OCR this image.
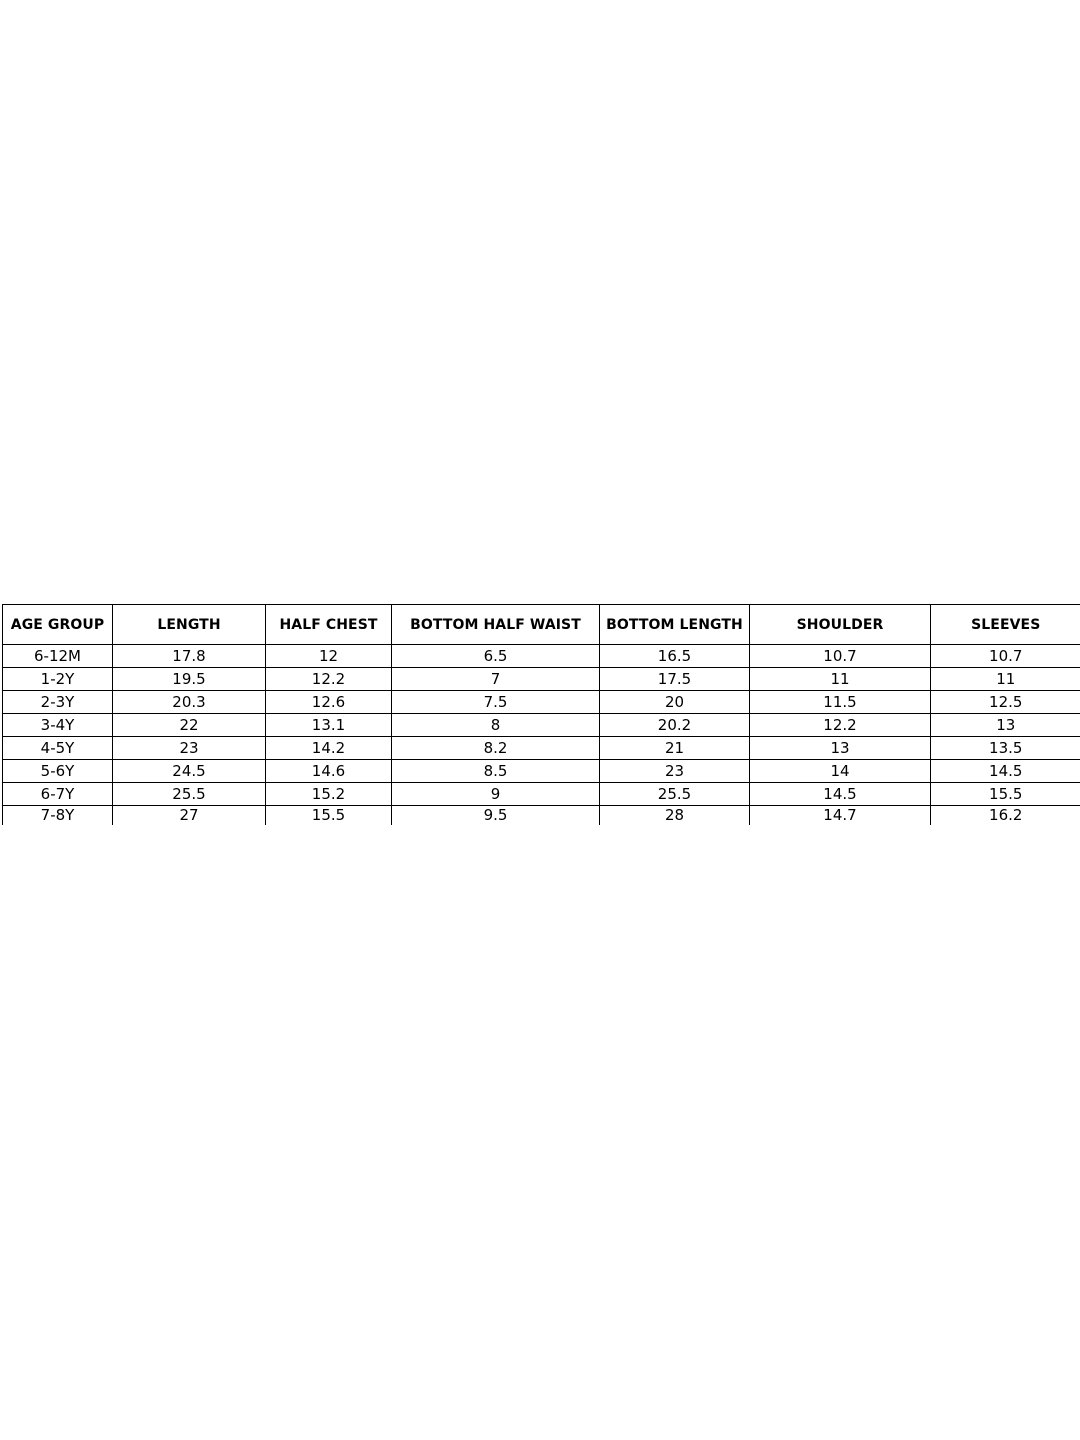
AGE GROUP	LENGTH	HALF CHEST	BOTTOM HALF WAIST	BOTTOM LENGTH	SHOULDER	SLEEVES
6-12M	17.8	12	6.5	16.5	10.7	10.7
1-2Y	19.5	12.2	7	17.5	11	11
2-3Y	20.3	12.6	7.5	20	11.5	12.5
3-4Y	22	13.1	8	20.2	12.2	13
4-5Y	23	14.2	8.2	21	13	13.5
5-6Y	24.5	14.6	8.5	23	14	14.5
6-7Y	25.5	15.2	9	25.5	14.5	15.5
7-8Y	27	15.5	9.5	28	14.7	16.2
